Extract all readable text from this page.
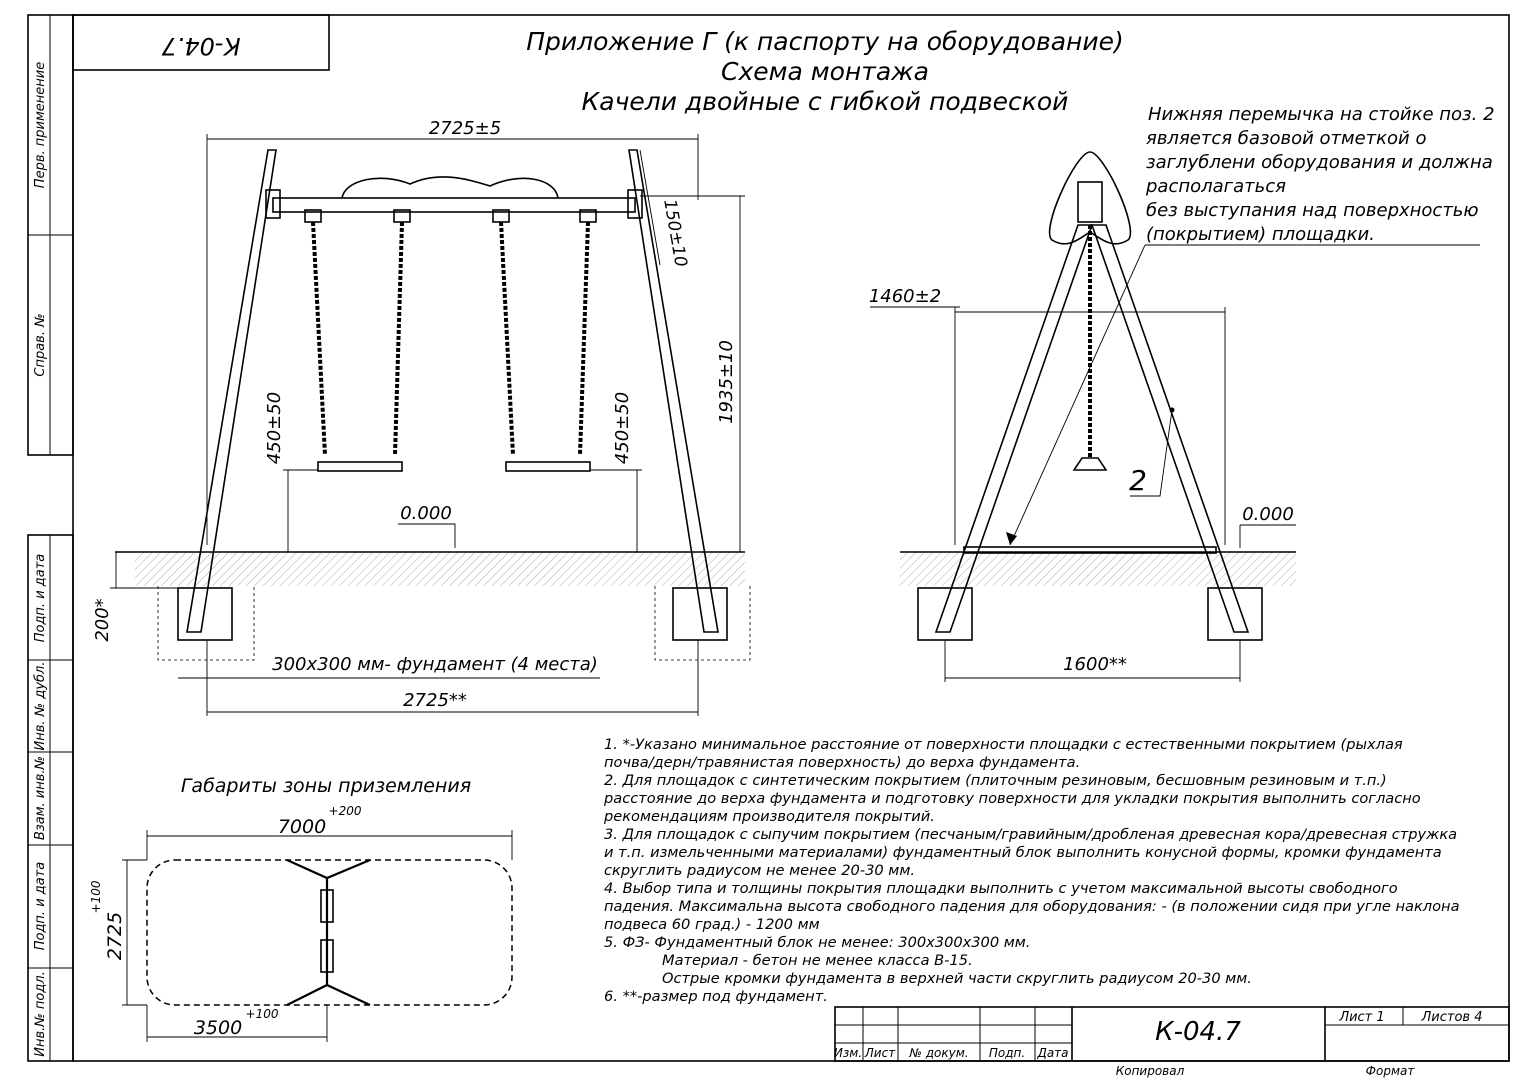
К-04.7
Перв. применение
Справ. №
Подп. и дата
Инв. № дубл.
Взам. инв.№
Подп. и дата
Инв.№ подл.
Приложение Г (к паспорту на оборудование)
Схема монтажа
Качели двойные с гибкой подвеской
2725±5
150±10
1935±10
450±50	450±50
0.000
200*
300х300 мм- фундамент (4 места)
2725**
1460±2
2
0.000
1600**
Нижняя перемычка на стойке поз. 2
является базовой отметкой о
заглублени оборудования и должна
располагаться
без выступания над поверхностью
(покрытием) площадки.
Габариты зоны приземления
7000
+200
2725
+100
3500
+100
1. *-Указано минимальное расстояние от поверхности площадки с естественными покрытием (рыхлая
почва/дерн/травянистая поверхность) до верха фундамента.
2. Для площадок с синтетическим покрытием (плиточным резиновым, бесшовным резиновым и т.п.)
расстояние до верха фундамента и подготовку поверхности для укладки покрытия выполнить согласно
рекомендациям производителя покрытий.
3. Для площадок с сыпучим покрытием (песчаным/гравийным/дробленая древесная кора/древесная стружка
и т.п. измельченными материалами) фундаментный блок выполнить конусной формы, кромки фундамента
скруглить радиусом не менее 20-30 мм.
4. Выбор типа и толщины покрытия площадки выполнить с учетом максимальной высоты свободного
падения. Максимальна высота свободного падения для оборудования: - (в положении сидя при угле наклона
подвеса 60 град.) - 1200 мм
5. ФЗ- Фундаментный блок не менее: 300х300х300 мм.
Материал - бетон не менее класса В-15.
Острые кромки фундамента в верхней части скруглить радиусом 20-30 мм.
6. **-размер под фундамент.
К-04.7	Лист 1	Листов 4
Изм. Лист № докум. Подп. Дата
Копировал	Формат
